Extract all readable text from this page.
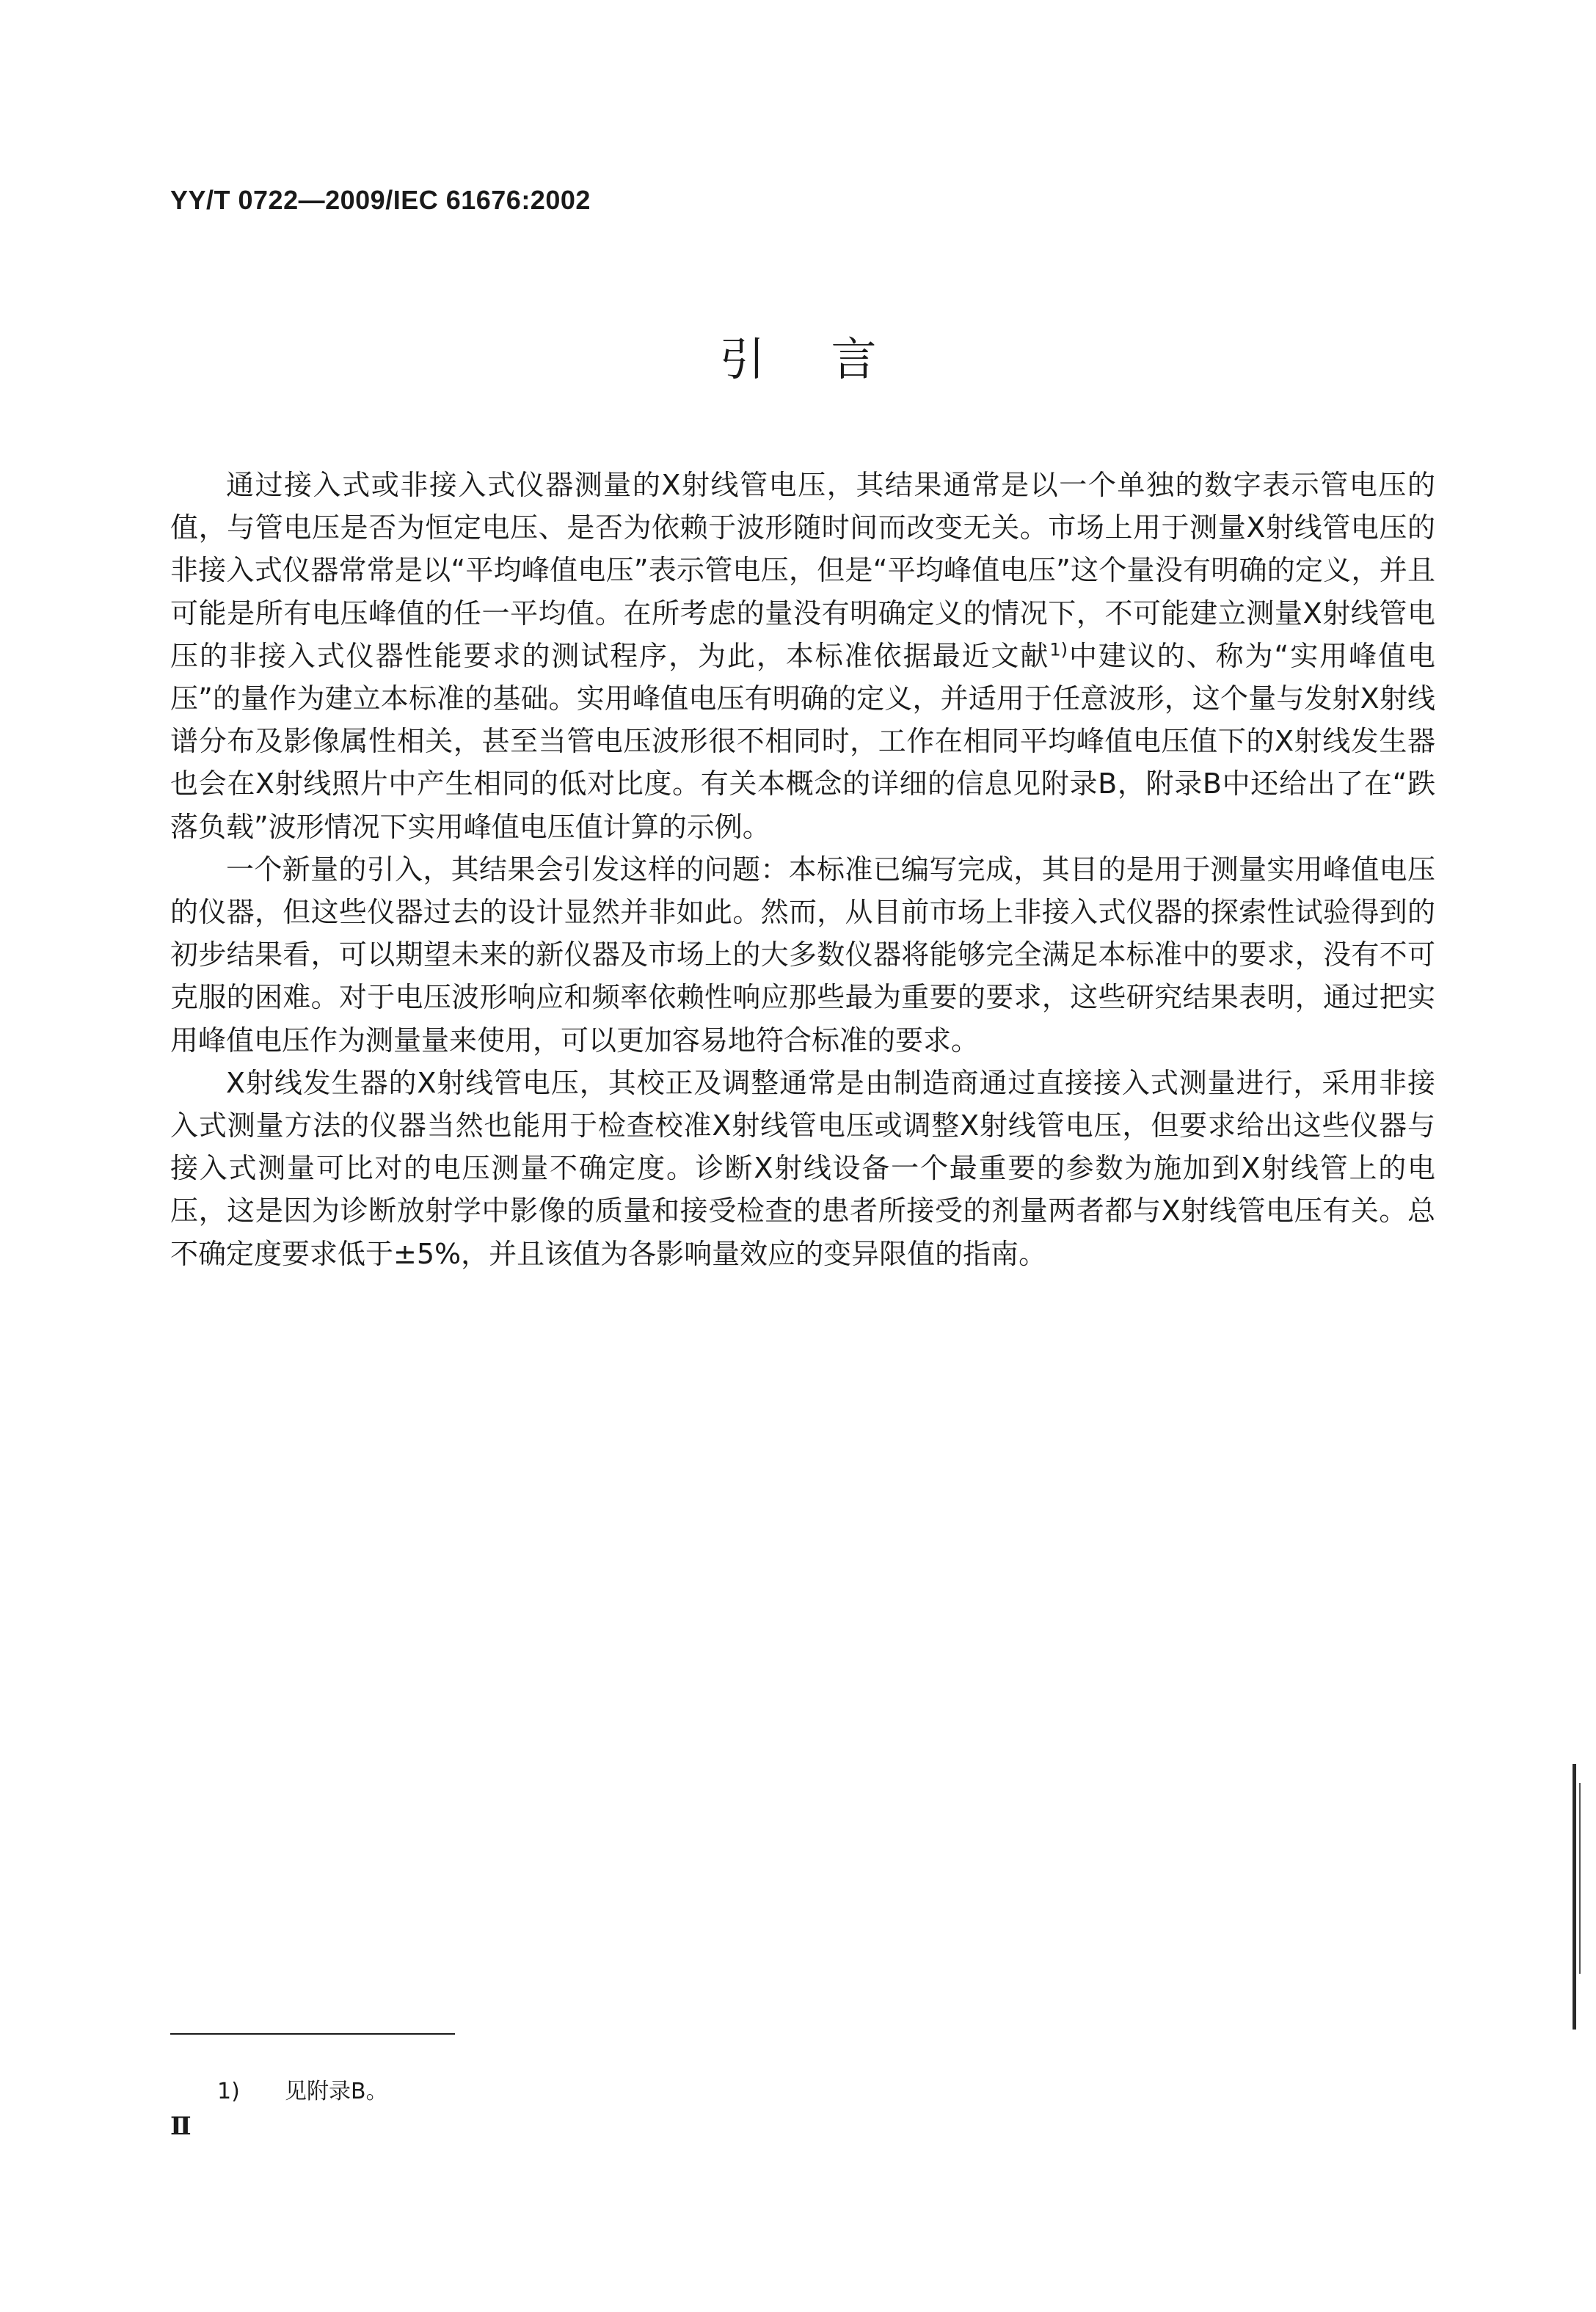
YY/T 0722—2009/IEC 61676:2002
引言

通过接入式或非接入式仪器测量的X射线管电压，其结果通常是以一个单独的数字表示管电压的值，与管电压是否为恒定电压、是否为依赖于波形随时间而改变无关。市场上用于测量X射线管电压的非接入式仪器常常是以“平均峰值电压”表示管电压，但是“平均峰值电压”这个量没有明确的定义，并且可能是所有电压峰值的任一平均值。在所考虑的量没有明确定义的情况下，不可能建立测量X射线管电压的非接入式仪器性能要求的测试程序，为此，本标准依据最近文献$^{1)}$中建议的、称为“实用峰值电压”的量作为建立本标准的基础。实用峰值电压有明确的定义，并适用于任意波形，这个量与发射X射线谱分布及影像属性相关，甚至当管电压波形很不相同时，工作在相同平均峰值电压值下的X射线发生器也会在X射线照片中产生相同的低对比度。有关本概念的详细的信息见附录B，附录B中还给出了在“跌落负载”波形情况下实用峰值电压值计算的示例。

一个新量的引入，其结果会引发这样的问题：本标准已编写完成，其目的是用于测量实用峰值电压的仪器，但这些仪器过去的设计显然并非如此。然而，从目前市场上非接入式仪器的探索性试验得到的初步结果看，可以期望未来的新仪器及市场上的大多数仪器将能够完全满足本标准中的要求，没有不可克服的困难。对于电压波形响应和频率依赖性响应那些最为重要的要求，这些研究结果表明，通过把实用峰值电压作为测量量来使用，可以更加容易地符合标准的要求。

X射线发生器的X射线管电压，其校正及调整通常是由制造商通过直接接入式测量进行，采用非接入式测量方法的仪器当然也能用于检查校准X射线管电压或调整X射线管电压，但要求给出这些仪器与接入式测量可比对的电压测量不确定度。诊断X射线设备一个最重要的参数为施加到X射线管上的电压，这是因为诊断放射学中影像的质量和接受检查的患者所接受的剂量两者都与X射线管电压有关。总不确定度要求低于±5%，并且该值为各影响量效应的变异限值的指南。

1) 见附录B。
Ⅱ
